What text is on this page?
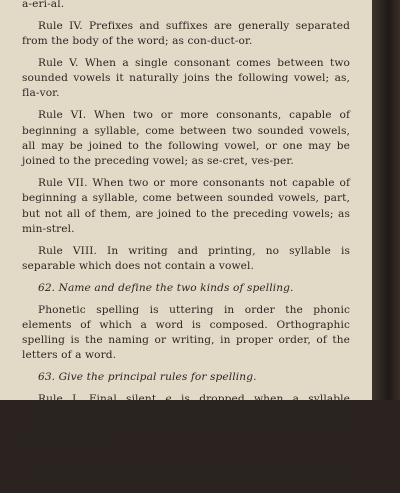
a-eri-al.

Rule IV. Prefixes and suffixes are generally separated from the body of the word; as con-duct-or.

Rule V. When a single consonant comes between two sounded vowels it naturally joins the following vowel; as, fla-vor.

Rule VI. When two or more consonants, capable of beginning a syllable, come between two sounded vowels, all may be joined to the following vowel, or one may be joined to the preceding vowel; as se-cret, ves-per.

Rule VII. When two or more consonants not capable of beginning a syllable, come between sounded vowels, part, but not all of them, are joined to the preceding vowels; as min-strel.

Rule VIII. In writing and printing, no syllable is separable which does not contain a vowel.

62. Name and define the two kinds of spelling.

Phonetic spelling is uttering in order the phonic elements of which a word is composed. Orthographic spelling is the naming or writing, in proper order, of the letters of a word.

63. Give the principal rules for spelling.

Rule I. Final silent e is dropped when a syllable beginning with a vowel is added to a word, but is retained if the added syllable begins with a consonant; as, live, living; live, lively.

Rule II. In monosyllable ending in f, l, or s, the final letter is doubled if preceded by a single vowel; as hill.
